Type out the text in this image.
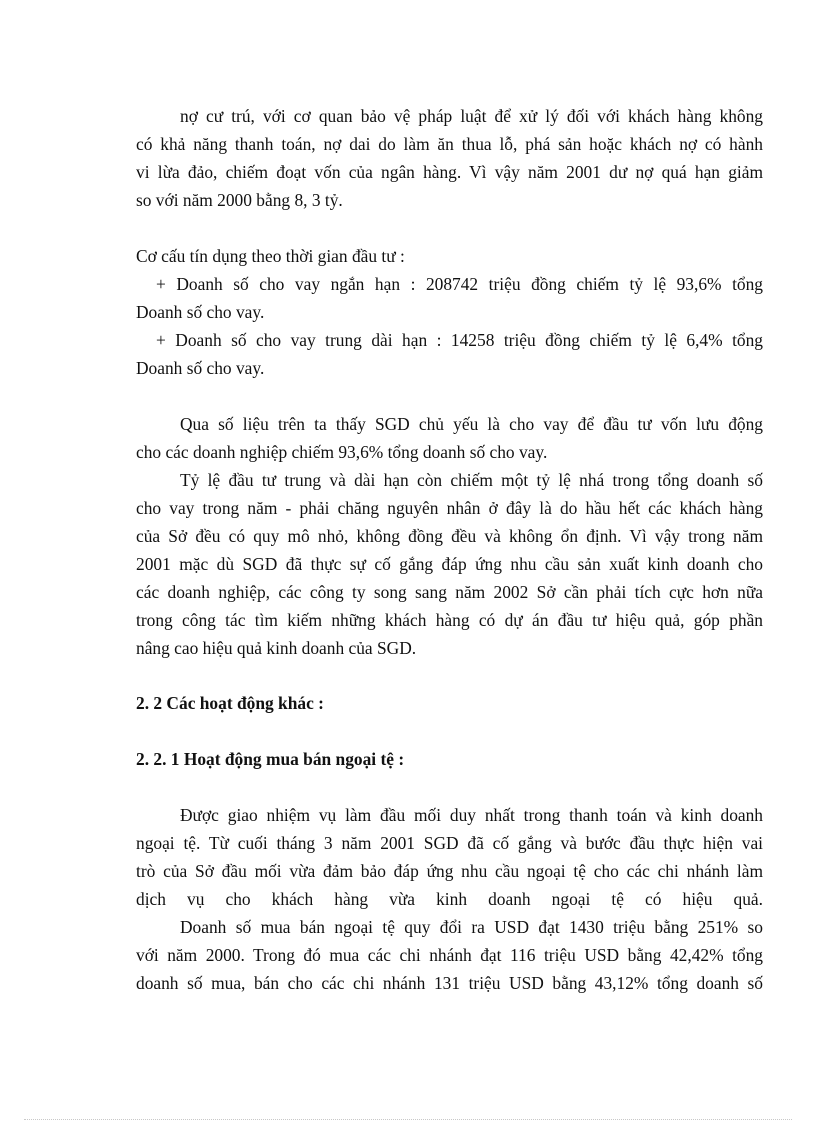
nợ cư trú, với cơ quan bảo vệ pháp luật để xử lý đối với khách hàng không
có khả năng thanh toán, nợ dai do làm ăn thua lỗ, phá sản hoặc khách nợ có hành
vi lừa đảo, chiếm đoạt vốn của ngân hàng. Vì vậy năm 2001 dư nợ quá hạn giảm
so với năm 2000 bằng 8, 3 tỷ.
Cơ cấu tín dụng theo thời gian đầu tư :
+ Doanh số cho vay ngắn hạn : 208742 triệu đồng chiếm tỷ lệ 93,6% tổng
Doanh số cho vay.
+ Doanh số cho vay trung dài hạn : 14258 triệu đồng chiếm tỷ lệ 6,4% tổng
Doanh số cho vay.
Qua số liệu trên ta thấy SGD chủ yếu là cho vay để đầu tư vốn lưu động
cho các doanh nghiệp chiếm 93,6% tổng doanh số cho vay.
Tỷ lệ đầu tư trung và dài hạn còn chiếm một tỷ lệ nhá trong tổng doanh số
cho vay trong năm - phải chăng nguyên nhân ở đây là do hầu hết các khách hàng
của Sở đều có quy mô nhỏ, không đồng đều và không ổn định. Vì vậy trong năm
2001 mặc dù SGD đã thực sự cố gắng đáp ứng nhu cầu sản xuất kinh doanh cho
các doanh nghiệp, các công ty song sang năm 2002 Sở cần phải tích cực hơn nữa
trong công tác tìm kiếm những khách hàng có dự án đầu tư hiệu quả, góp phần
nâng cao hiệu quả kinh doanh của SGD.
2. 2 Các hoạt động khác :
2. 2. 1 Hoạt động mua bán ngoại tệ :
Được giao nhiệm vụ làm đầu mối duy nhất trong thanh toán và kinh doanh
ngoại tệ. Từ cuối tháng 3 năm 2001 SGD đã cố gắng và bước đầu thực hiện vai
trò của Sở đầu mối vừa đảm bảo đáp ứng nhu cầu ngoại tệ cho các chi nhánh làm
dịch vụ cho khách hàng vừa kinh doanh ngoại tệ có hiệu quả.
Doanh số mua bán ngoại tệ quy đổi ra USD đạt 1430 triệu bằng 251% so
với năm 2000. Trong đó mua các chi nhánh đạt 116 triệu USD bằng 42,42% tổng
doanh số mua, bán cho các chi nhánh 131 triệu USD bằng 43,12% tổng doanh số
